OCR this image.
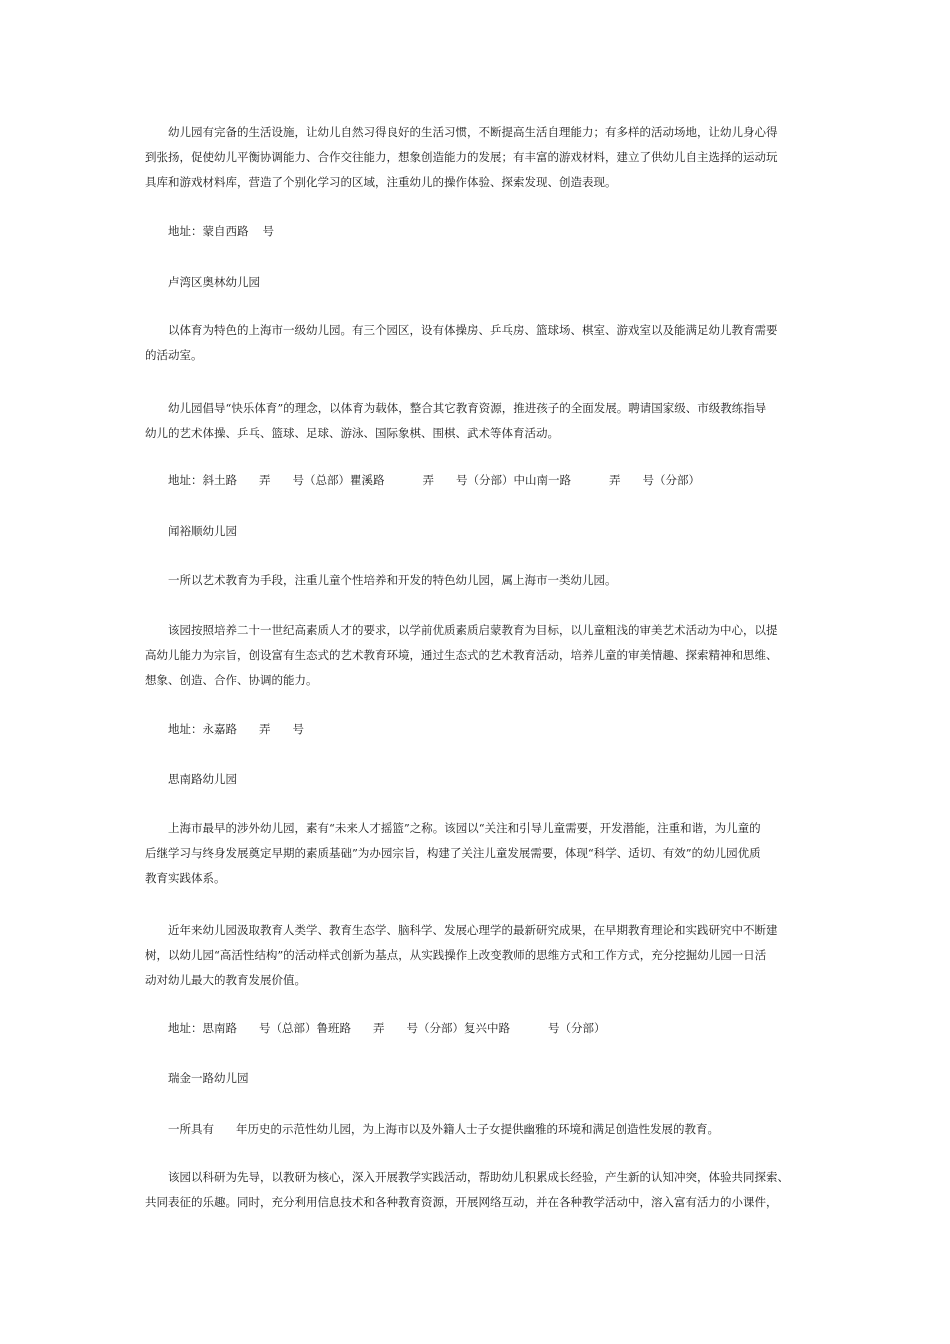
幼儿园有完备的生活设施，让幼儿自然习得良好的生活习惯，不断提高生活自理能力；有多样的活动场地，让幼儿身心得
到张扬，促使幼儿平衡协调能力、合作交往能力，想象创造能力的发展；有丰富的游戏材料，建立了供幼儿自主选择的运动玩
具库和游戏材料库，营造了个别化学习的区域，注重幼儿的操作体验、探索发现、创造表现。
地址：蒙自西路 号
卢湾区奥林幼儿园
以体育为特色的上海市一级幼儿园。有三个园区，设有体操房、乒乓房、篮球场、棋室、游戏室以及能满足幼儿教育需要
的活动室。
幼儿园倡导“快乐体育”的理念，以体育为载体，整合其它教育资源，推进孩子的全面发展。聘请国家级、市级教练指导
幼儿的艺术体操、乒乓、篮球、足球、游泳、国际象棋、围棋、武术等体育活动。
地址：斜土路 弄 号（总部）瞿溪路	弄 号（分部）中山南一路	弄 号（分部）
闻裕顺幼儿园
一所以艺术教育为手段，注重儿童个性培养和开发的特色幼儿园，属上海市一类幼儿园。
该园按照培养二十一世纪高素质人才的要求，以学前优质素质启蒙教育为目标，以儿童粗浅的审美艺术活动为中心，以提
高幼儿能力为宗旨，创设富有生态式的艺术教育环境，通过生态式的艺术教育活动，培养儿童的审美情趣、探索精神和思维、
想象、创造、合作、协调的能力。
地址：永嘉路 弄 号
思南路幼儿园
上海市最早的涉外幼儿园，素有“未来人才摇篮”之称。该园以“关注和引导儿童需要，开发潜能，注重和谐，为儿童的
后继学习与终身发展奠定早期的素质基础”为办园宗旨，构建了关注儿童发展需要，体现“科学、适切、有效”的幼儿园优质
教育实践体系。
近年来幼儿园汲取教育人类学、教育生态学、脑科学、发展心理学的最新研究成果，在早期教育理论和实践研究中不断建
树，以幼儿园“高活性结构”的活动样式创新为基点，从实践操作上改变教师的思维方式和工作方式，充分挖掘幼儿园一日活
动对幼儿最大的教育发展价值。
地址：思南路 号（总部）鲁班路 弄 号（分部）复兴中路	号（分部）
瑞金一路幼儿园
一所具有 年历史的示范性幼儿园，为上海市以及外籍人士子女提供幽雅的环境和满足创造性发展的教育。
该园以科研为先导，以教研为核心，深入开展教学实践活动，帮助幼儿积累成长经验，产生新的认知冲突，体验共同探索、
共同表征的乐趣。同时，充分利用信息技术和各种教育资源，开展网络互动，并在各种教学活动中，溶入富有活力的小课件，
